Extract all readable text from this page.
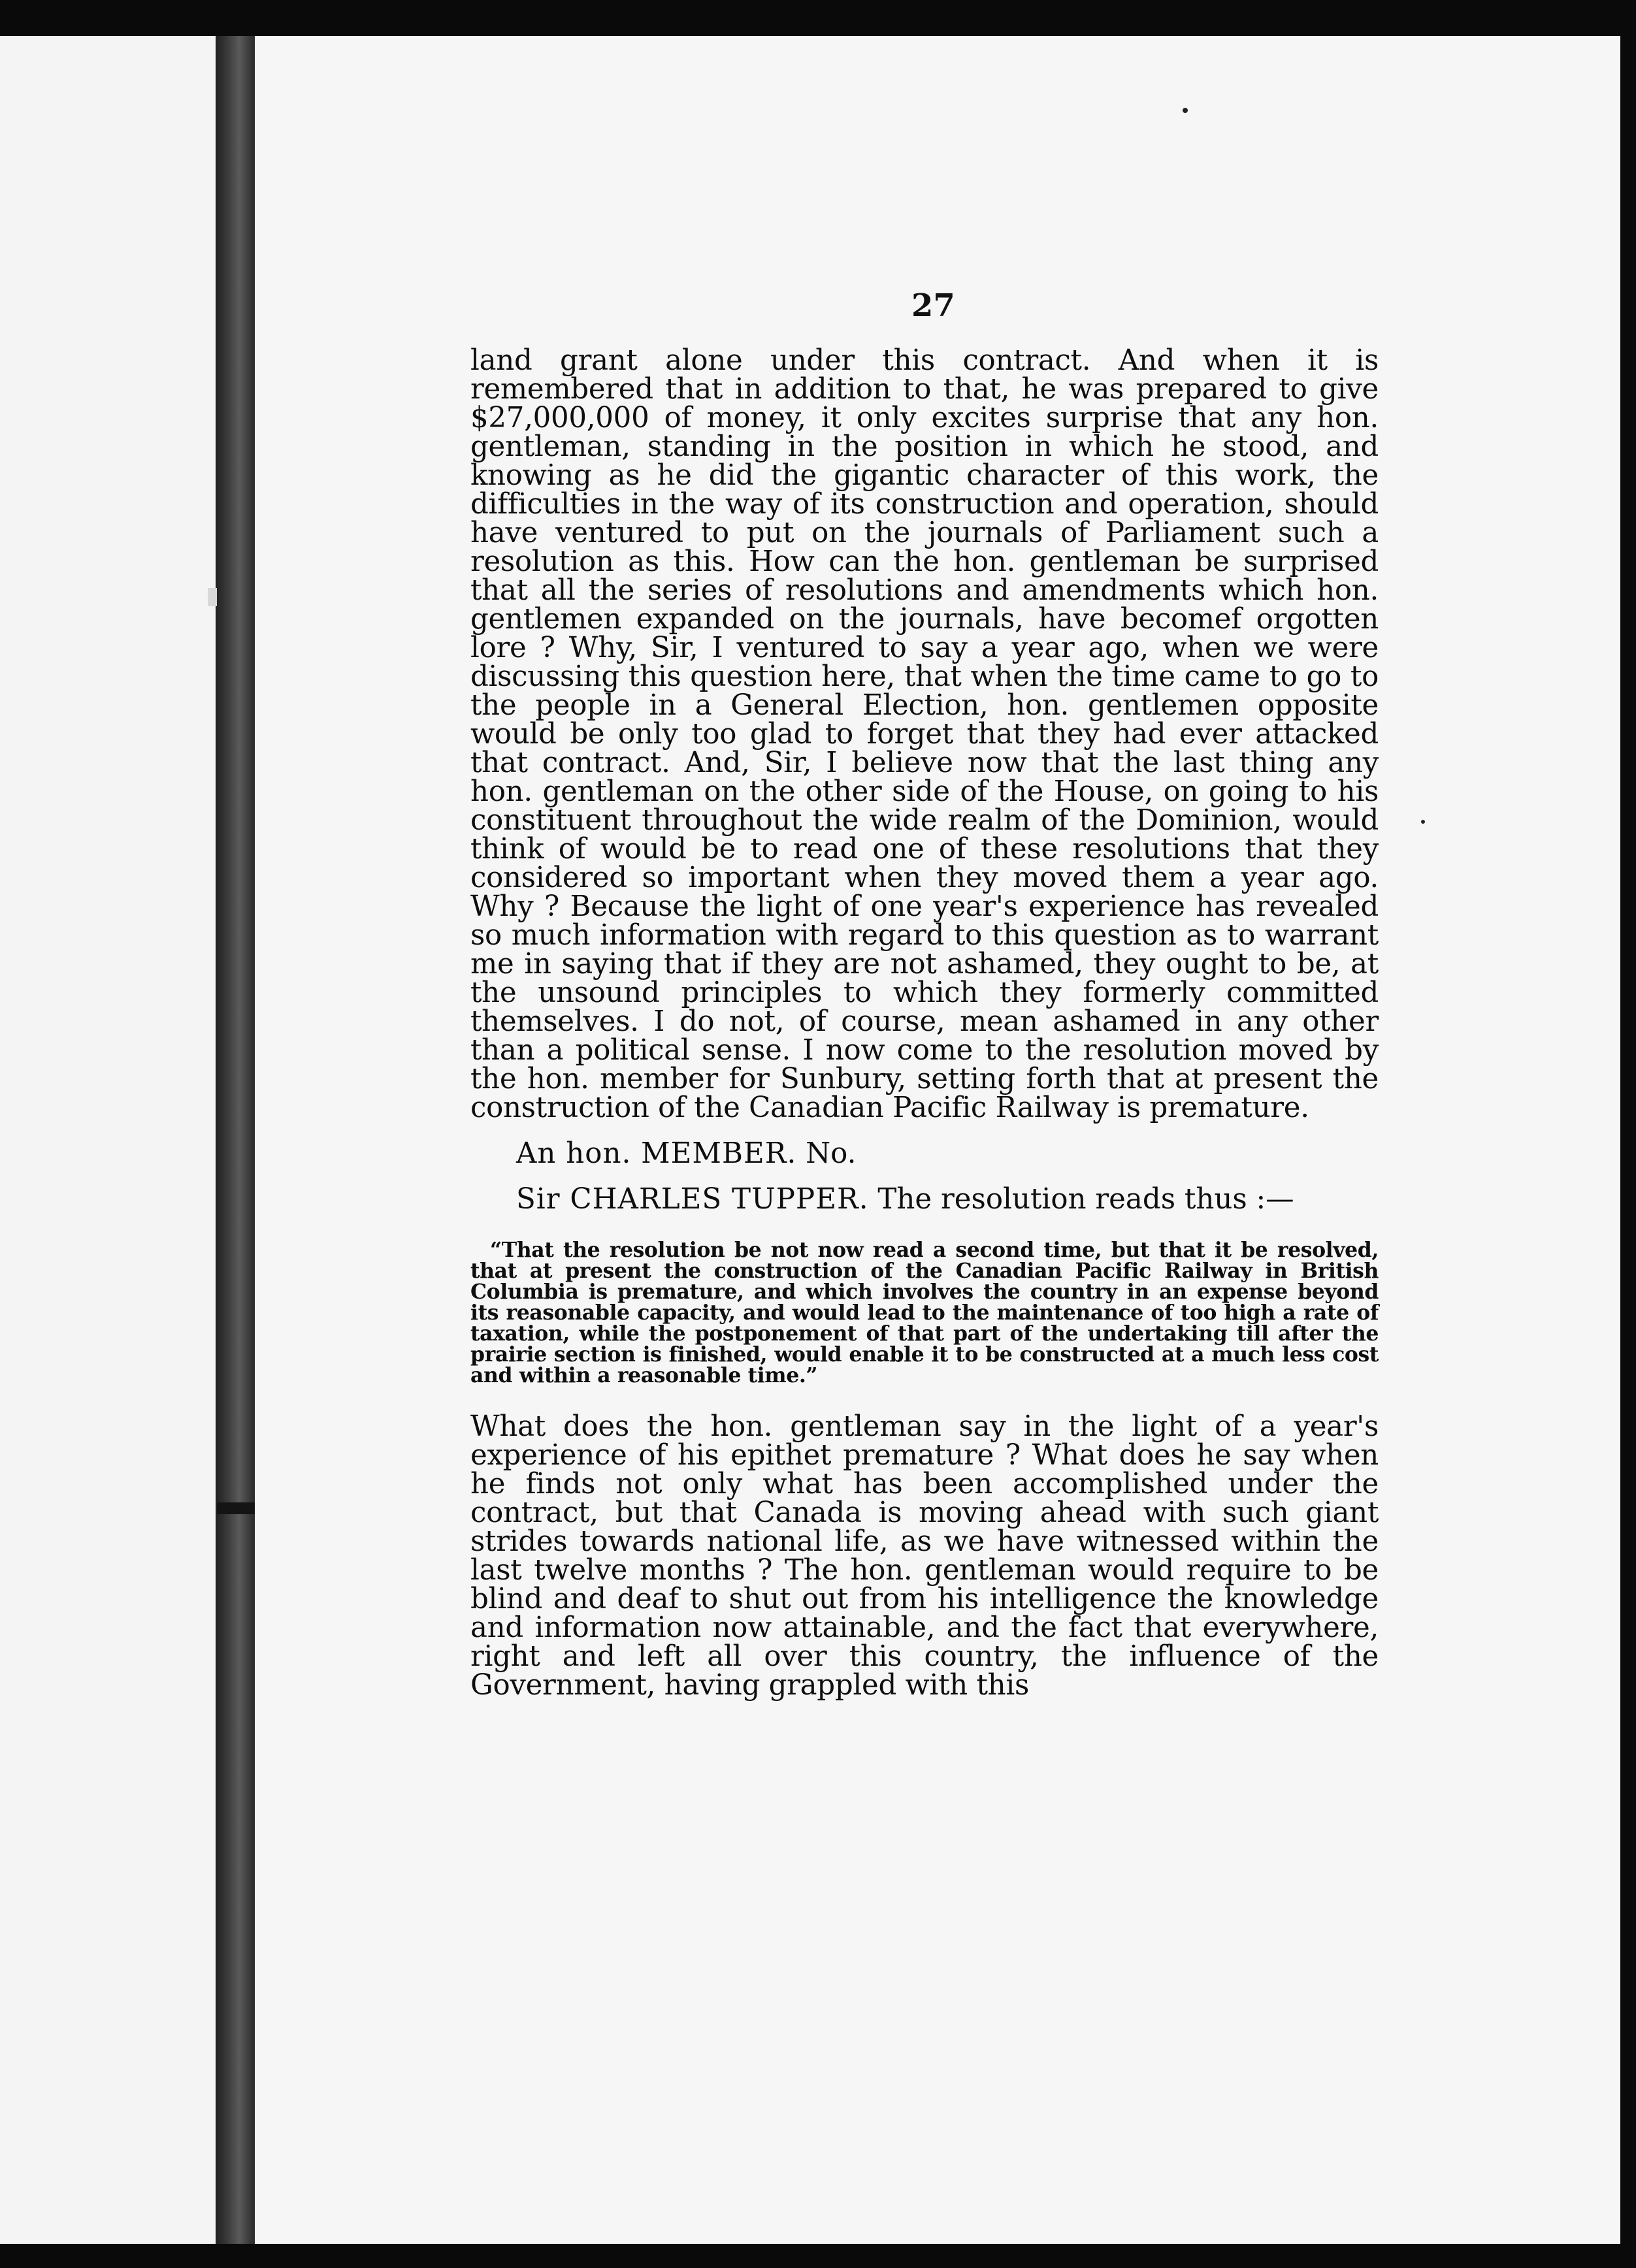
27

land grant alone under this contract. And when it is remembered that in addition to that, he was prepared to give $27,000,000 of money, it only excites surprise that any hon. gentleman, standing in the position in which he stood, and knowing as he did the gigantic character of this work, the difficulties in the way of its construction and operation, should have ventured to put on the journals of Parliament such a resolution as this. How can the hon. gentleman be surprised that all the series of resolutions and amendments which hon. gentlemen expanded on the journals, have becomef orgotten lore ? Why, Sir, I ventured to say a year ago, when we were discussing this question here, that when the time came to go to the people in a General Election, hon. gentlemen opposite would be only too glad to forget that they had ever attacked that contract. And, Sir, I believe now that the last thing any hon. gentleman on the other side of the House, on going to his constituent throughout the wide realm of the Dominion, would think of would be to read one of these resolutions that they considered so important when they moved them a year ago. Why ? Because the light of one year's experience has revealed so much information with regard to this question as to warrant me in saying that if they are not ashamed, they ought to be, at the unsound principles to which they formerly committed themselves. I do not, of course, mean ashamed in any other than a political sense. I now come to the resolution moved by the hon. member for Sunbury, setting forth that at present the construction of the Canadian Pacific Railway is premature.

An hon. MEMBER. No.

Sir CHARLES TUPPER. The resolution reads thus :—

“That the resolution be not now read a second time, but that it be resolved, that at present the construction of the Canadian Pacific Railway in British Columbia is premature, and which involves the country in an expense beyond its reasonable capacity, and would lead to the maintenance of too high a rate of taxation, while the postponement of that part of the undertaking till after the prairie section is finished, would enable it to be constructed at a much less cost and within a reasonable time.”

What does the hon. gentleman say in the light of a year's experience of his epithet premature ? What does he say when he finds not only what has been accomplished under the contract, but that Canada is moving ahead with such giant strides towards national life, as we have witnessed within the last twelve months ? The hon. gentleman would require to be blind and deaf to shut out from his intelligence the knowledge and information now attainable, and the fact that everywhere, right and left all over this country, the influence of the Government, having grappled with this
